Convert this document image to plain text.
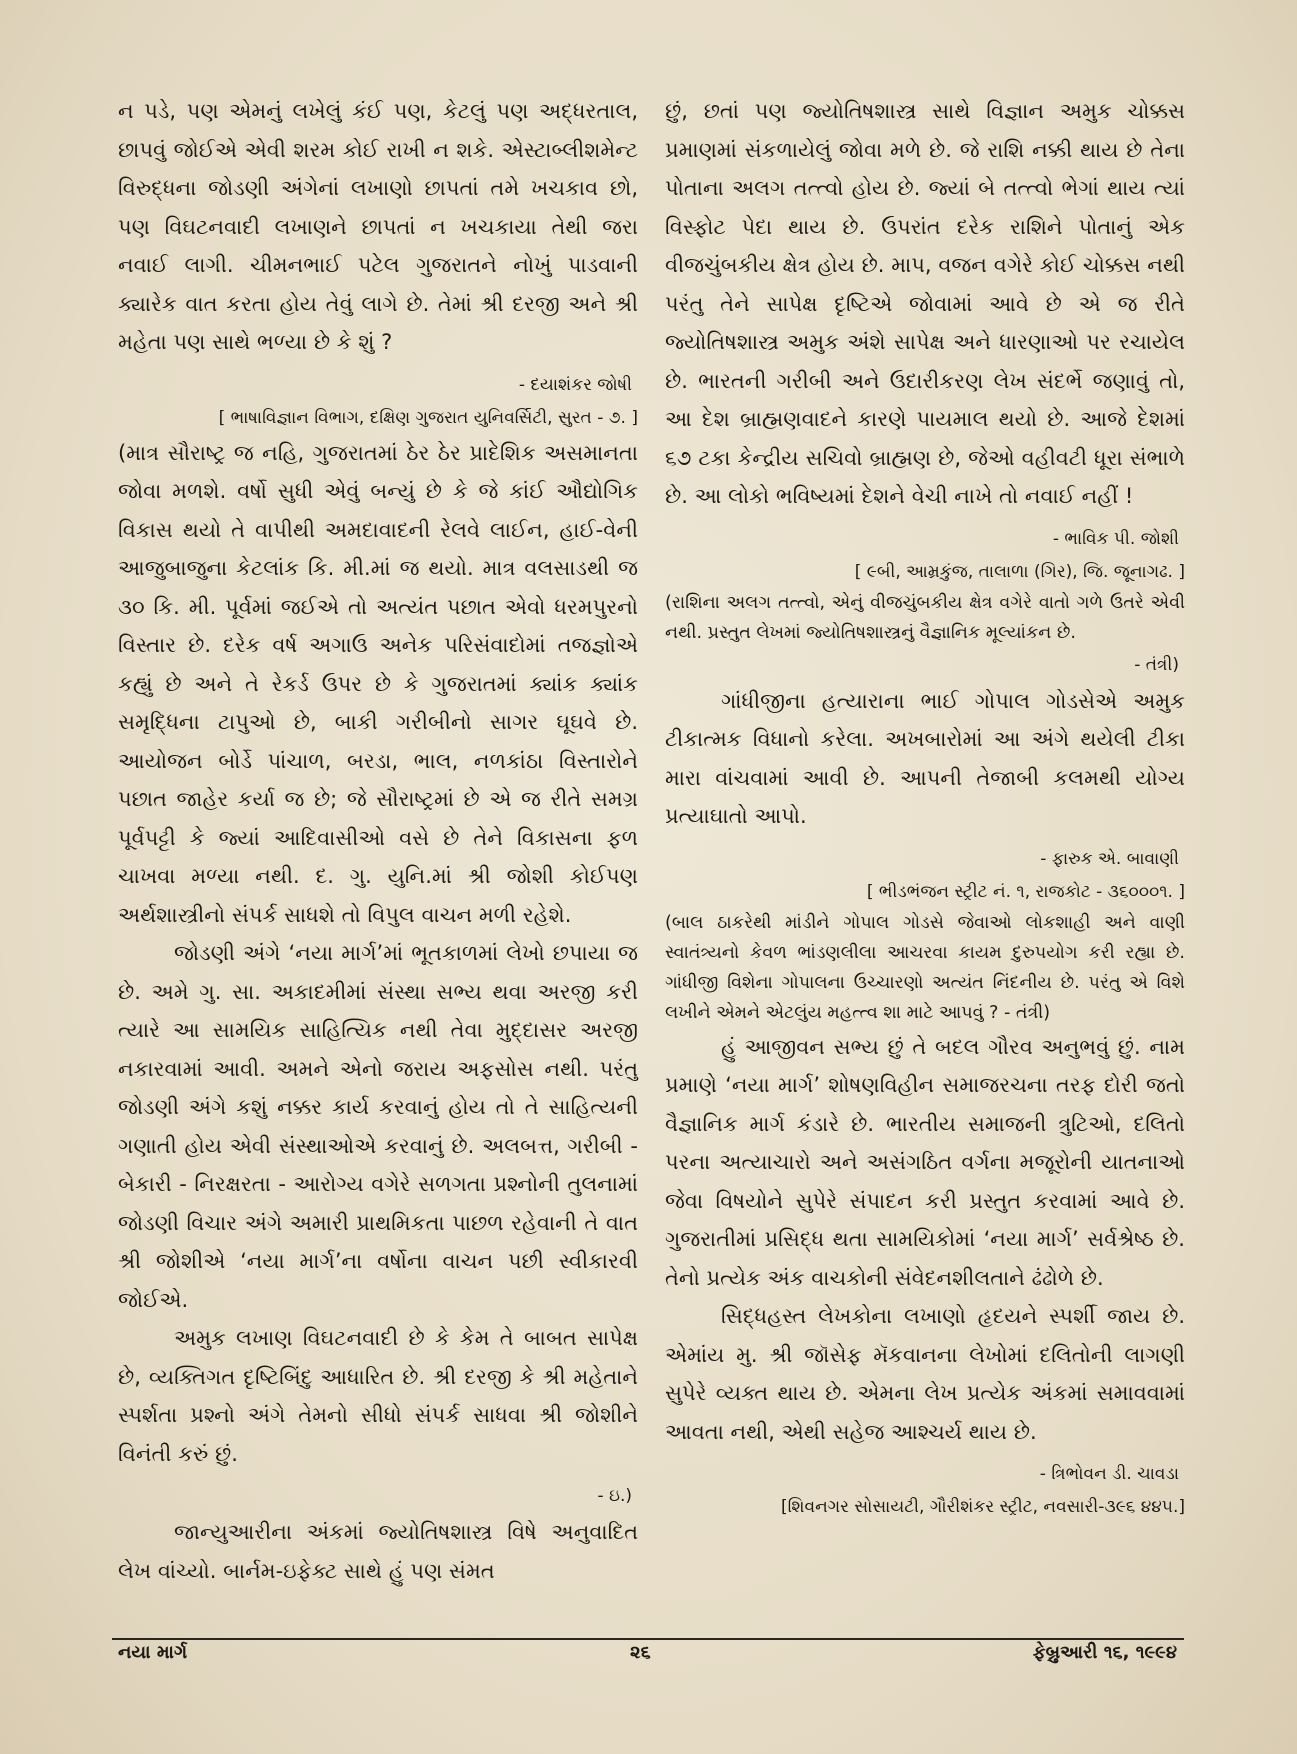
ન પડે, પણ એમનું લખેલું કંઈ પણ, કેટલું પણ અદ્ધરતાલ, છાપવું જોઈએ એવી શરમ કોઈ રાખી ન શકે. એસ્ટાબ્લીશમેન્ટ વિરુદ્ધના જોડણી અંગેનાં લખાણો છાપતાં તમે ખચકાવ છો, પણ વિઘટનવાદી લખાણને છાપતાં ન ખચકાયા તેથી જરા નવાઈ લાગી. ચીમનભાઈ પટેલ ગુજરાતને નોખું પાડવાની ક્યારેક વાત કરતા હોય તેવું લાગે છે. તેમાં શ્રી દરજી અને શ્રી મહેતા પણ સાથે ભળ્યા છે કે શું ?

- દયાશંકર જોષી
[ ભાષાવિજ્ઞાન વિભાગ, દક્ષિણ ગુજરાત યુનિવર્સિટી, સુરત - ૭. ]

(માત્ર સૌરાષ્ટ્ર જ નહિ, ગુજરાતમાં ઠેર ઠેર પ્રાદેશિક અસમાનતા જોવા મળશે. વર્ષો સુધી એવું બન્યું છે કે જે કાંઈ ઔદ્યોગિક વિકાસ થયો તે વાપીથી અમદાવાદની રેલવે લાઈન, હાઈ-વેની આજુબાજુના કેટલાંક કિ. મી.માં જ થયો. માત્ર વલસાડથી જ ૩૦ કિ. મી. પૂર્વમાં જઈએ તો અત્યંત પછાત એવો ધરમપુરનો વિસ્તાર છે. દરેક વર્ષ અગાઉ અનેક પરિસંવાદોમાં તજજ્ઞોએ કહ્યું છે અને તે રેકર્ડ ઉપર છે કે ગુજરાતમાં ક્યાંક ક્યાંક સમૃદ્ધિના ટાપુઓ છે, બાકી ગરીબીનો સાગર ઘૂઘવે છે. આયોજન બોર્ડે પાંચાળ, બરડા, ભાલ, નળકાંઠા વિસ્તારોને પછાત જાહેર કર્યા જ છે; જે સૌરાષ્ટ્રમાં છે એ જ રીતે સમગ્ર પૂર્વપટ્ટી કે જ્યાં આદિવાસીઓ વસે છે તેને વિકાસના ફળ ચાખવા મળ્યા નથી. દ. ગુ. યુનિ.માં શ્રી જોશી કોઈપણ અર્થશાસ્ત્રીનો સંપર્ક સાધશે તો વિપુલ વાચન મળી રહેશે.

જોડણી અંગે ‘નયા માર્ગ’માં ભૂતકાળમાં લેખો છપાયા જ છે. અમે ગુ. સા. અકાદમીમાં સંસ્થા સભ્ય થવા અરજી કરી ત્યારે આ સામયિક સાહિત્યિક નથી તેવા મુદ્દાસર અરજી નકારવામાં આવી. અમને એનો જરાય અફસોસ નથી. પરંતુ જોડણી અંગે કશું નક્કર કાર્ય કરવાનું હોય તો તે સાહિત્યની ગણાતી હોય એવી સંસ્થાઓએ કરવાનું છે. અલબત્ત, ગરીબી - બેકારી - નિરક્ષરતા - આરોગ્ય વગેરે સળગતા પ્રશ્નોની તુલનામાં જોડણી વિચાર અંગે અમારી પ્રાથમિકતા પાછળ રહેવાની તે વાત શ્રી જોશીએ ‘નયા માર્ગ’ના વર્ષોના વાચન પછી સ્વીકારવી જોઈએ.

અમુક લખાણ વિઘટનવાદી છે કે કેમ તે બાબત સાપેક્ષ છે, વ્યક્તિગત દૃષ્ટિબિંદુ આધારિત છે. શ્રી દરજી કે શ્રી મહેતાને સ્પર્શતા પ્રશ્નો અંગે તેમનો સીધો સંપર્ક સાધવા શ્રી જોશીને વિનંતી કરું છું.

- ઇ.)

જાન્યુઆરીના અંકમાં જ્યોતિષશાસ્ત્ર વિષે અનુવાદિત લેખ વાંચ્યો. બાર્નમ-ઇફેક્ટ સાથે હું પણ સંમત

છું, છતાં પણ જ્યોતિષશાસ્ત્ર સાથે વિજ્ઞાન અમુક ચોક્કસ પ્રમાણમાં સંકળાયેલું જોવા મળે છે. જે રાશિ નક્કી થાય છે તેના પોતાના અલગ તત્ત્વો હોય છે. જ્યાં બે તત્ત્વો ભેગાં થાય ત્યાં વિસ્ફોટ પેદા થાય છે. ઉપરાંત દરેક રાશિને પોતાનું એક વીજચુંબકીય ક્ષેત્ર હોય છે. માપ, વજન વગેરે કોઈ ચોક્કસ નથી પરંતુ તેને સાપેક્ષ દૃષ્ટિએ જોવામાં આવે છે એ જ રીતે જ્યોતિષશાસ્ત્ર અમુક અંશે સાપેક્ષ અને ધારણાઓ પર રચાયેલ છે. ભારતની ગરીબી અને ઉદારીકરણ લેખ સંદર્ભે જણાવું તો, આ દેશ બ્રાહ્મણવાદને કારણે પાયમાલ થયો છે. આજે દેશમાં ૬૭ ટકા કેન્દ્રીય સચિવો બ્રાહ્મણ છે, જેઓ વહીવટી ધૂરા સંભાળે છે. આ લોકો ભવિષ્યમાં દેશને વેચી નાખે તો નવાઈ નહીં !

- ભાવિક પી. જોશી
[ ૯બી, આમ્રકુંજ, તાલાળા (ગિર), જિ. જૂનાગઢ. ]

(રાશિના અલગ તત્ત્વો, એનું વીજચુંબકીય ક્ષેત્ર વગેરે વાતો ગળે ઉતરે એવી નથી. પ્રસ્તુત લેખમાં જ્યોતિષશાસ્ત્રનું વૈજ્ઞાનિક મૂલ્યાંકન છે.

- તંત્રી)

ગાંધીજીના હત્યારાના ભાઈ ગોપાલ ગોડસેએ અમુક ટીકાત્મક વિધાનો કરેલા. અખબારોમાં આ અંગે થયેલી ટીકા મારા વાંચવામાં આવી છે. આપની તેજાબી કલમથી યોગ્ય પ્રત્યાઘાતો આપો.

- ફારુક એ. બાવાણી
[ ભીડભંજન સ્ટ્રીટ નં. ૧, રાજકોટ - ૩૬૦૦૦૧. ]

(બાલ ઠાકરેથી માંડીને ગોપાલ ગોડસે જેવાઓ લોકશાહી અને વાણી સ્વાતંત્ર્યનો કેવળ ભાંડણલીલા આચરવા કાયમ દુરુપયોગ કરી રહ્યા છે. ગાંધીજી વિશેના ગોપાલના ઉચ્ચારણો અત્યંત નિંદનીય છે. પરંતુ એ વિશે લખીને એમને એટલુંય મહત્ત્વ શા માટે આપવું ? - તંત્રી)

હું આજીવન સભ્ય છું તે બદલ ગૌરવ અનુભવું છું. નામ પ્રમાણે ‘નયા માર્ગ’ શોષણવિહીન સમાજરચના તરફ દોરી જતો વૈજ્ઞાનિક માર્ગ કંડારે છે. ભારતીય સમાજની ત્રુટિઓ, દલિતો પરના અત્યાચારો અને અસંગઠિત વર્ગના મજૂરોની યાતનાઓ જેવા વિષયોને સુપેરે સંપાદન કરી પ્રસ્તુત કરવામાં આવે છે. ગુજરાતીમાં પ્રસિદ્ધ થતા સામયિકોમાં ‘નયા માર્ગ’ સર્વશ્રેષ્ઠ છે. તેનો પ્રત્યેક અંક વાચકોની સંવેદનશીલતાને ઢંઢોળે છે.

સિદ્ધહસ્ત લેખકોના લખાણો હૃદયને સ્પર્શી જાય છે. એમાંય મુ. શ્રી જૉસેફ મૅકવાનના લેખોમાં દલિતોની લાગણી સુપેરે વ્યક્ત થાય છે. એમના લેખ પ્રત્યેક અંકમાં સમાવવામાં આવતા નથી, એથી સહેજ આશ્ચર્ય થાય છે.

- ત્રિભોવન ડી. ચાવડા
[શિવનગર સોસાયટી, ગૌરીશંકર સ્ટ્રીટ, નવસારી-૩૯૬ ૪૪૫.]
નયા માર્ગ	૨૬	ફેબ્રુઆરી ૧૬, ૧૯૯૪
